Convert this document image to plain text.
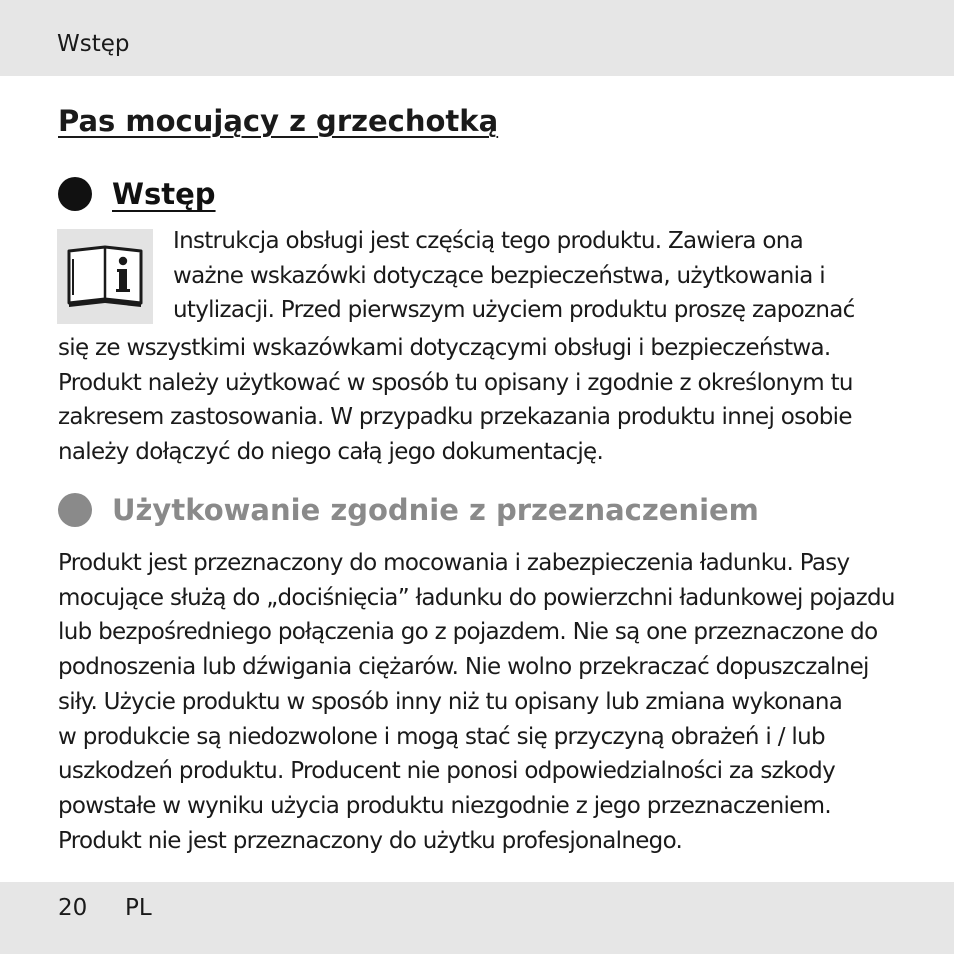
Wstęp
Pas mocujący z grzechotką
Wstęp
Instrukcja obsługi jest częścią tego produktu. Zawiera ona
ważne wskazówki dotyczące bezpieczeństwa, użytkowania i
utylizacji. Przed pierwszym użyciem produktu proszę zapoznać
się ze wszystkimi wskazówkami dotyczącymi obsługi i bezpieczeństwa.
Produkt należy użytkować w sposób tu opisany i zgodnie z określonym tu
zakresem zastosowania. W przypadku przekazania produktu innej osobie
należy dołączyć do niego całą jego dokumentację.
Użytkowanie zgodnie z przeznaczeniem
Produkt jest przeznaczony do mocowania i zabezpieczenia ładunku. Pasy
mocujące służą do „dociśnięcia” ładunku do powierzchni ładunkowej pojazdu
lub bezpośredniego połączenia go z pojazdem. Nie są one przeznaczone do
podnoszenia lub dźwigania ciężarów. Nie wolno przekraczać dopuszczalnej
siły. Użycie produktu w sposób inny niż tu opisany lub zmiana wykonana
w produkcie są niedozwolone i mogą stać się przyczyną obrażeń i / lub
uszkodzeń produktu. Producent nie ponosi odpowiedzialności za szkody
powstałe w wyniku użycia produktu niezgodnie z jego przeznaczeniem.
Produkt nie jest przeznaczony do użytku profesjonalnego.
20 PL
